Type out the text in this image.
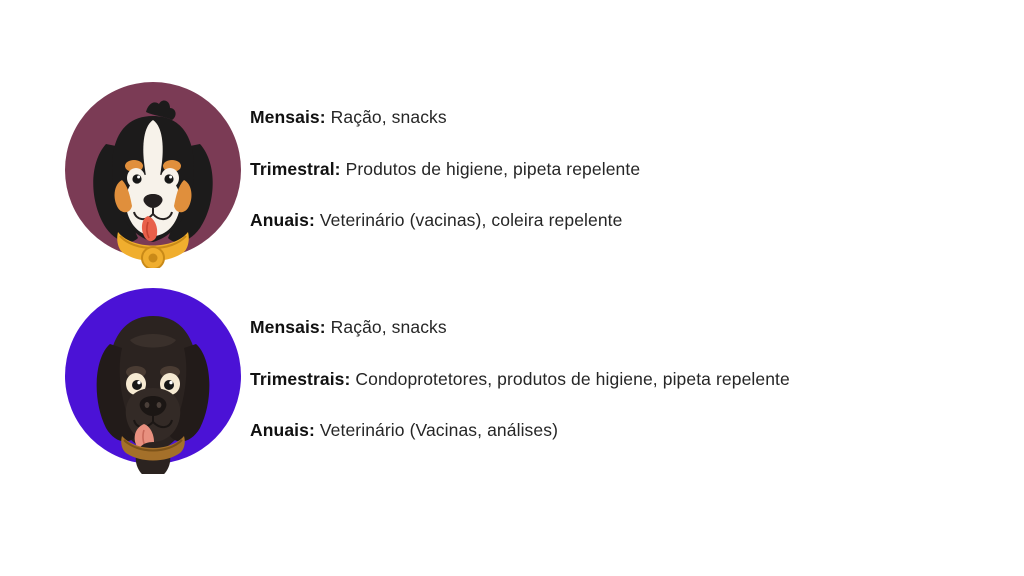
Mensais: Ração, snacks

Trimestral: Produtos de higiene, pipeta repelente

Anuais: Veterinário (vacinas), coleira repelente

Mensais: Ração, snacks

Trimestrais: Condoprotetores, produtos de higiene, pipeta repelente

Anuais: Veterinário (Vacinas, análises)
